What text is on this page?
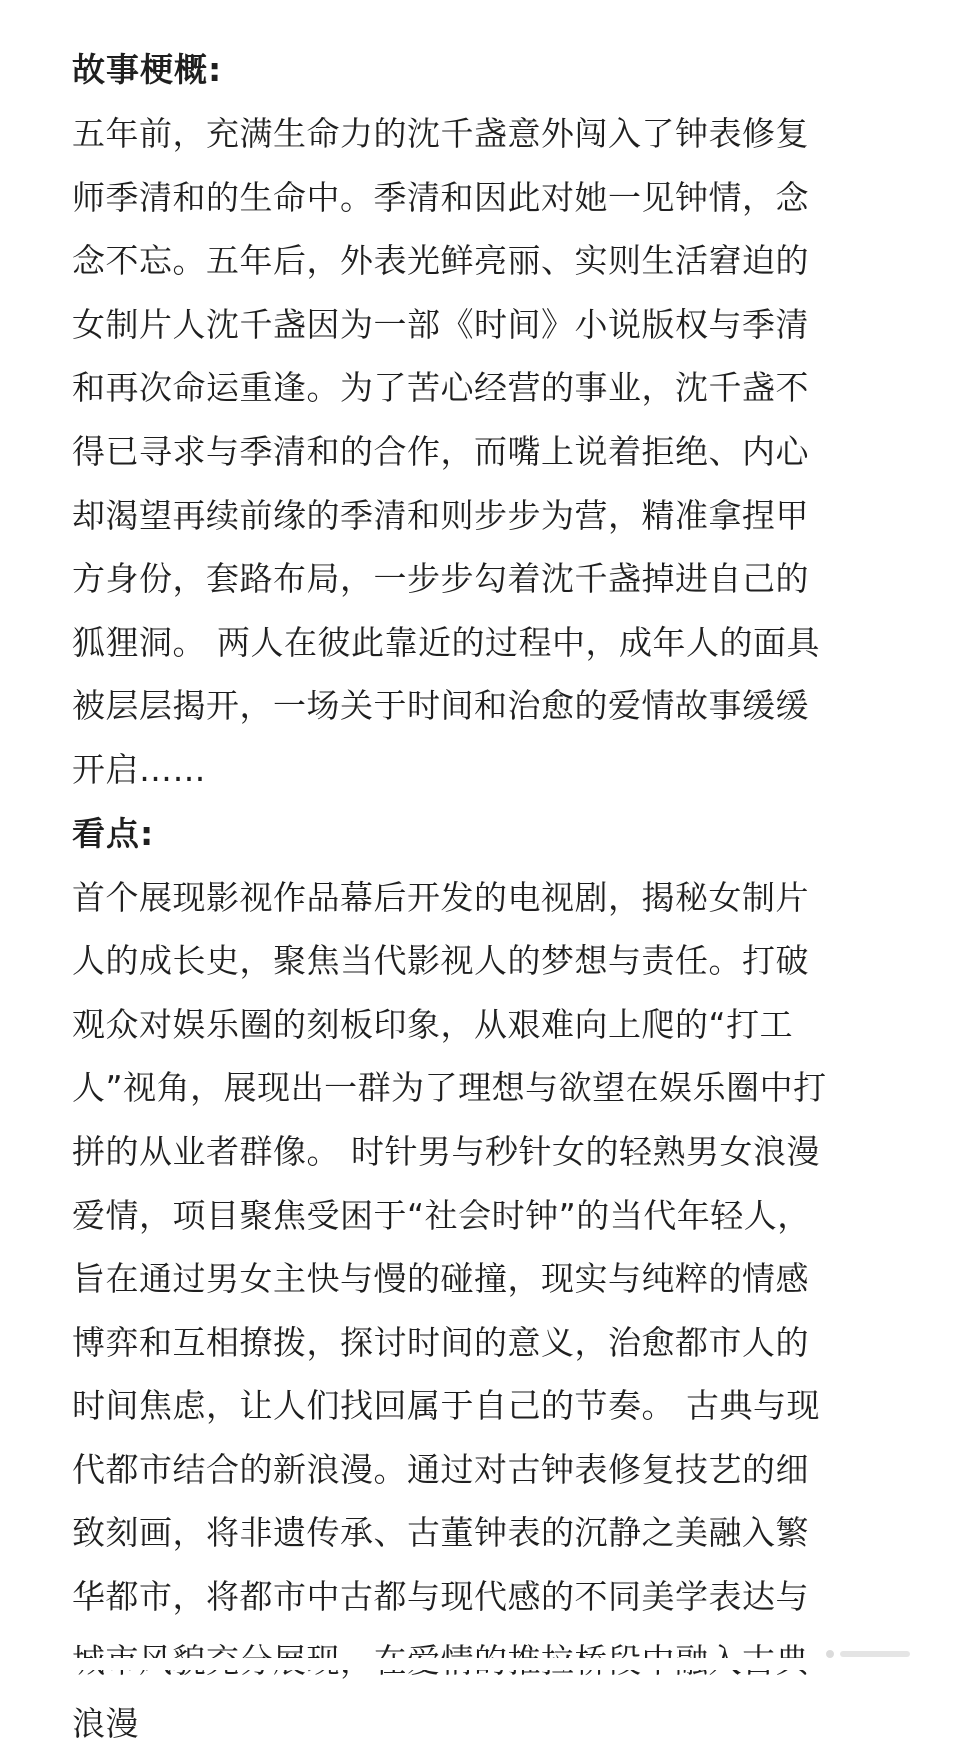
故事梗概:
五年前，充满生命力的沈千盏意外闯入了钟表修复
师季清和的生命中。季清和因此对她一见钟情，念
念不忘。五年后，外表光鲜亮丽、实则生活窘迫的
女制片人沈千盏因为一部《时间》小说版权与季清
和再次命运重逢。为了苦心经营的事业，沈千盏不
得已寻求与季清和的合作，而嘴上说着拒绝、内心
却渴望再续前缘的季清和则步步为营，精准拿捏甲
方身份，套路布局，一步步勾着沈千盏掉进自己的
狐狸洞。 两人在彼此靠近的过程中，成年人的面具
被层层揭开，一场关于时间和治愈的爱情故事缓缓
开启……
看点:
首个展现影视作品幕后开发的电视剧，揭秘女制片
人的成长史，聚焦当代影视人的梦想与责任。打破
观众对娱乐圈的刻板印象，从艰难向上爬的“打工
人”视角，展现出一群为了理想与欲望在娱乐圈中打
拼的从业者群像。 时针男与秒针女的轻熟男女浪漫
爱情，项目聚焦受困于“社会时钟”的当代年轻人，
旨在通过男女主快与慢的碰撞，现实与纯粹的情感
博弈和互相撩拨，探讨时间的意义，治愈都市人的
时间焦虑，让人们找回属于自己的节奏。 古典与现
代都市结合的新浪漫。通过对古钟表修复技艺的细
致刻画，将非遗传承、古董钟表的沉静之美融入繁
华都市，将都市中古都与现代感的不同美学表达与
浪漫
